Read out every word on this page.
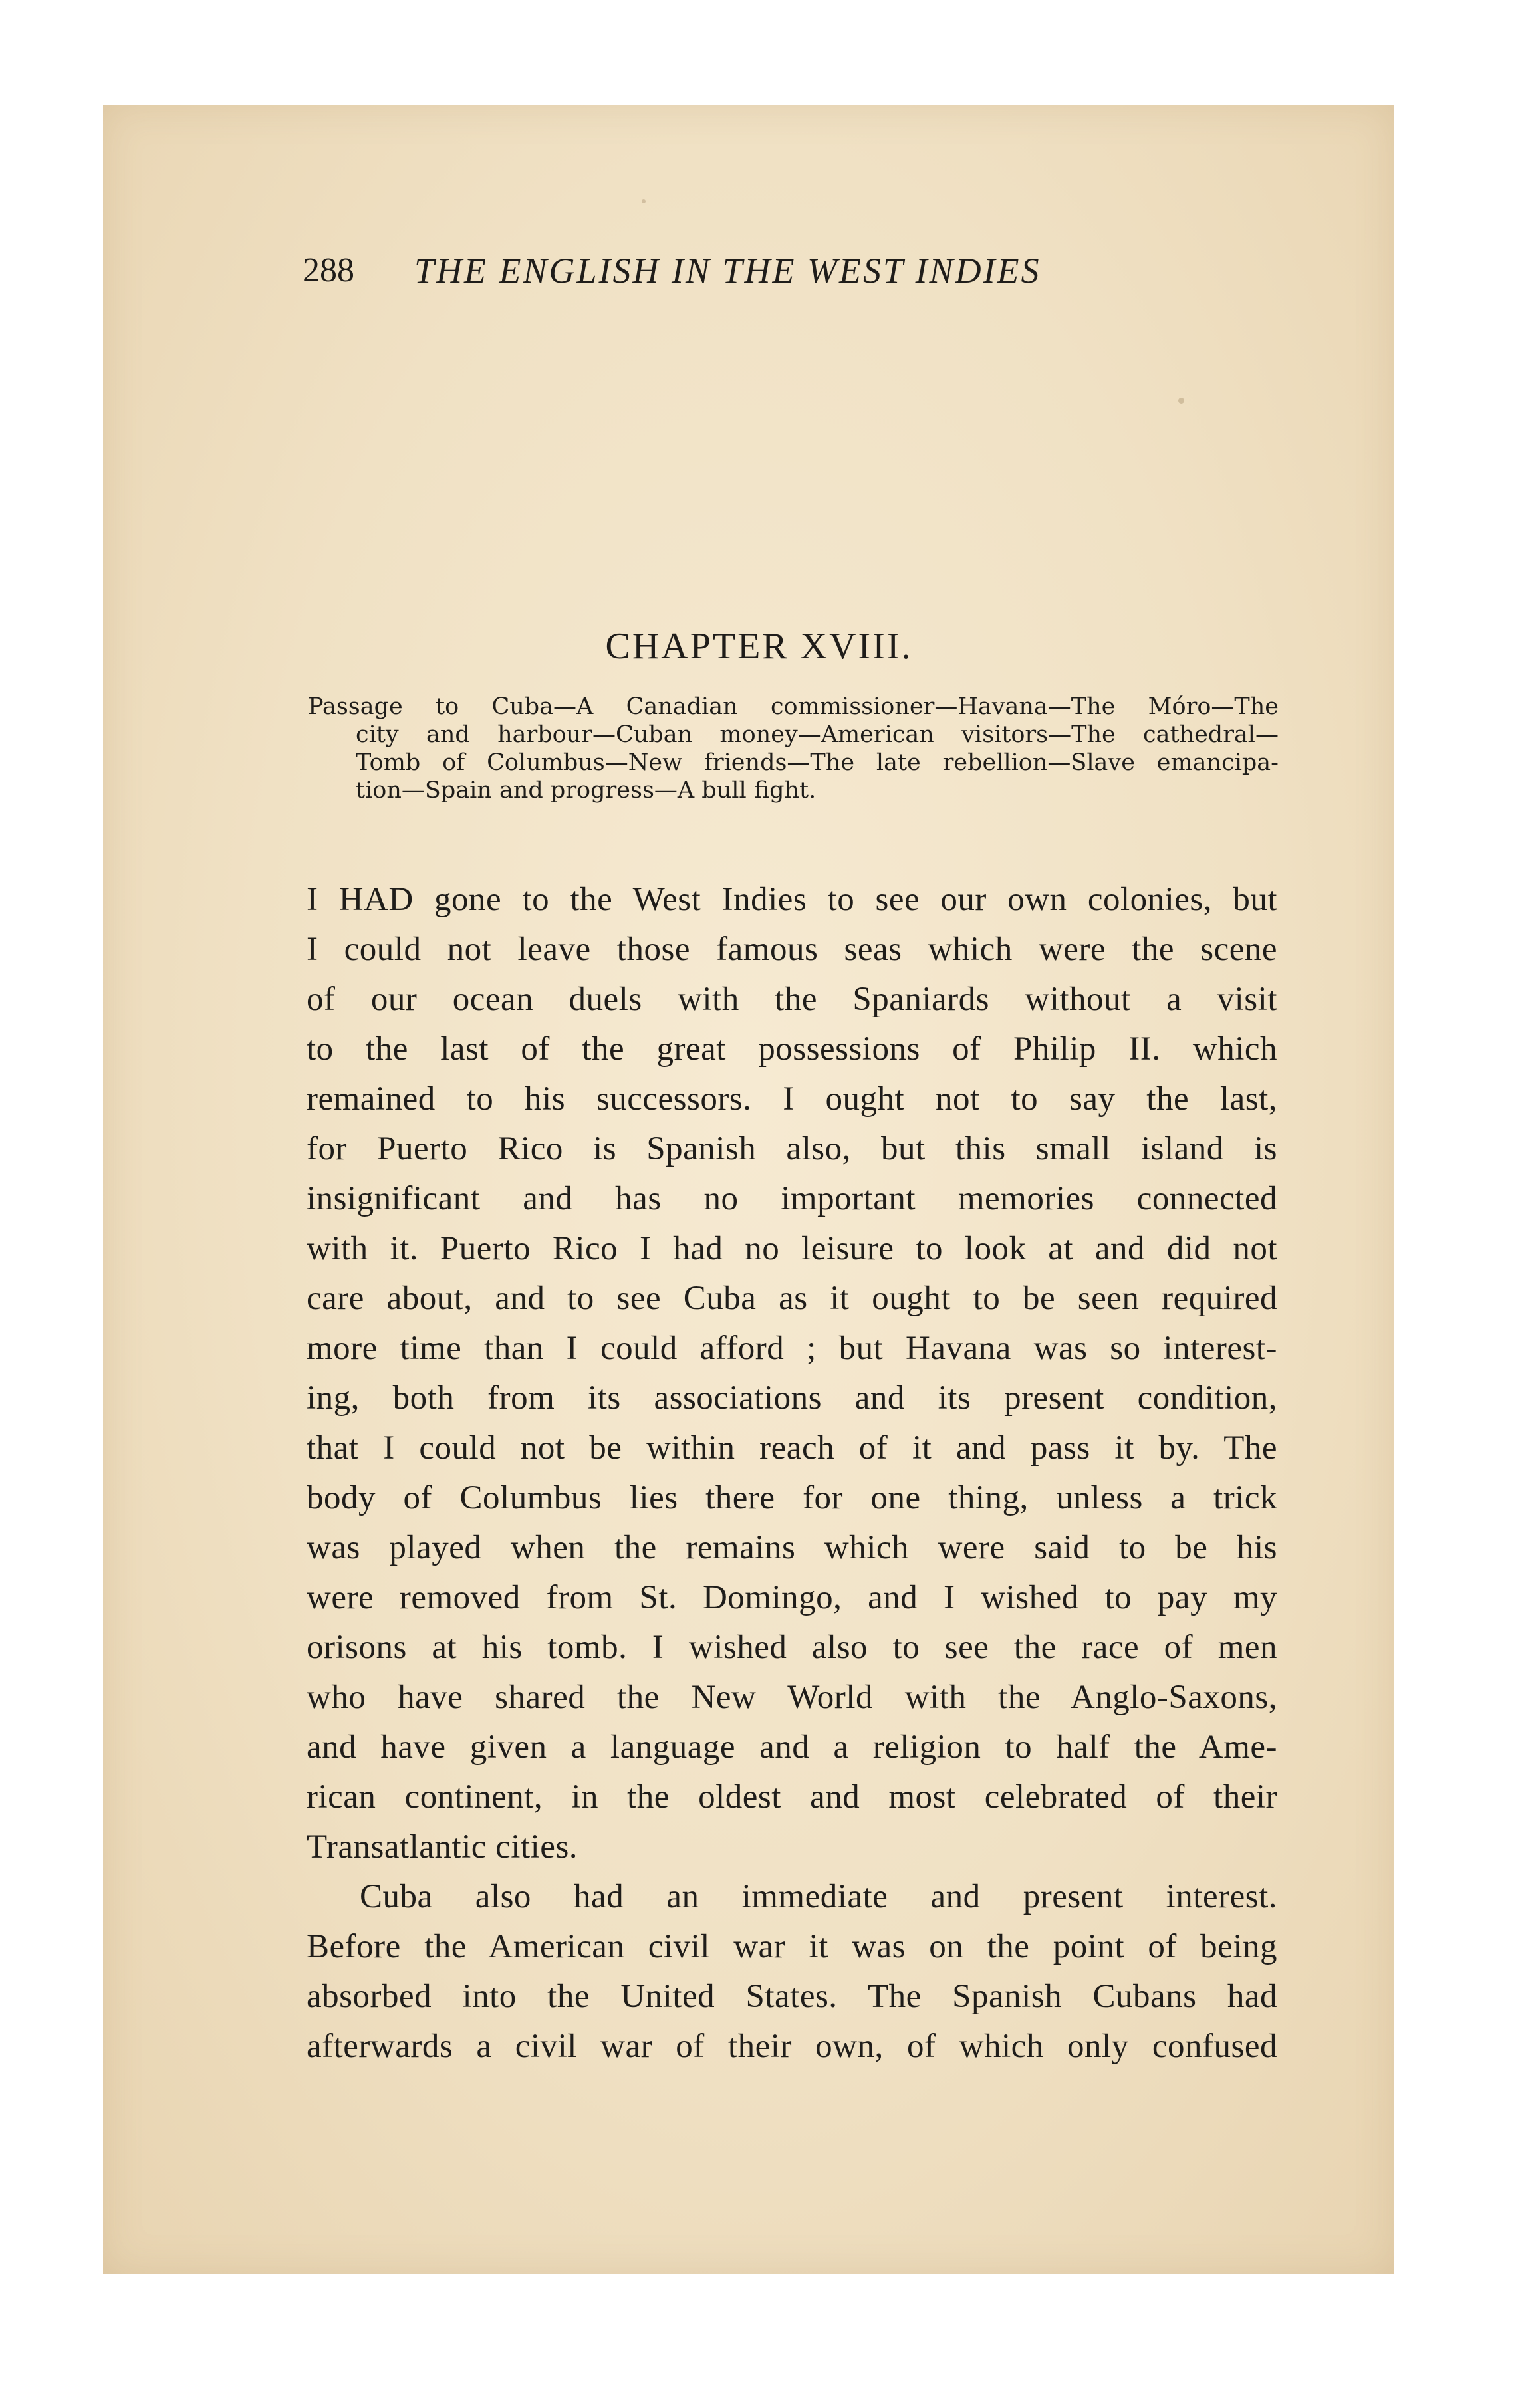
288 THE ENGLISH IN THE WEST INDIES
CHAPTER XVIII.
Passage to Cuba—A Canadian commissioner—Havana—The Móro—The
city and harbour—Cuban money—American visitors—The cathedral—
Tomb of Columbus—New friends—The late rebellion—Slave emancipa-
tion—Spain and progress—A bull fight.
I HAD gone to the West Indies to see our own colonies, but
I could not leave those famous seas which were the scene
of our ocean duels with the Spaniards without a visit
to the last of the great possessions of Philip II. which
remained to his successors. I ought not to say the last,
for Puerto Rico is Spanish also, but this small island is
insignificant and has no important memories connected
with it. Puerto Rico I had no leisure to look at and did not
care about, and to see Cuba as it ought to be seen required
more time than I could afford ; but Havana was so interest-
ing, both from its associations and its present condition,
that I could not be within reach of it and pass it by. The
body of Columbus lies there for one thing, unless a trick
was played when the remains which were said to be his
were removed from St. Domingo, and I wished to pay my
orisons at his tomb. I wished also to see the race of men
who have shared the New World with the Anglo-Saxons,
and have given a language and a religion to half the Ame-
rican continent, in the oldest and most celebrated of their
Transatlantic cities.
Cuba also had an immediate and present interest.
Before the American civil war it was on the point of being
absorbed into the United States. The Spanish Cubans had
afterwards a civil war of their own, of which only confused
